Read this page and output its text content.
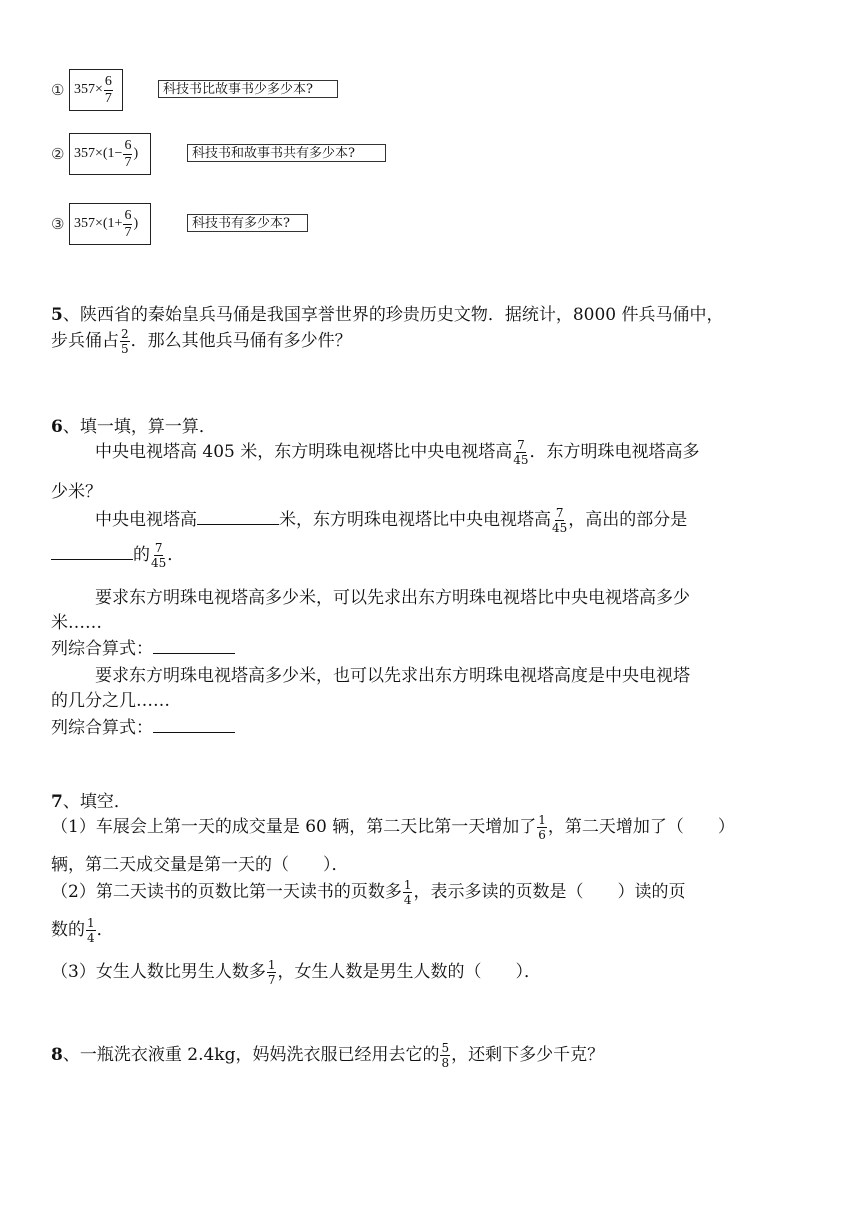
① $357\times \frac{6}{7}$	科技书比故事书少多少本?
② $357\times(1- \frac{6}{7}$ )	科技书和故事书共有多少本?
③ $357\times(1+ \frac{6}{7}$ )	科技书有多少本?
5、陕西省的秦始皇兵马俑是我国享誉世界的珍贵历史文物．据统计，8000 件兵马俑中，
步兵俑占 $\frac{2}{5}$ ．那么其他兵马俑有多少件？
6、填一填，算一算．
中央电视塔高 405 米，东方明珠电视塔比中央电视塔高 $\frac{7}{45}$ ．东方明珠电视塔高多
少米？
中央电视塔高	米，东方明珠电视塔比中央电视塔高 $\frac{7}{45}$ ，高出的部分是
的 $\frac{7}{45}$ ．
要求东方明珠电视塔高多少米，可以先求出东方明珠电视塔比中央电视塔高多少
米……
列综合算式：
要求东方明珠电视塔高多少米，也可以先求出东方明珠电视塔高度是中央电视塔
的几分之几……
列综合算式：
7、填空．
（1）车展会上第一天的成交量是 60 辆，第二天比第一天增加了 $\frac{1}{6}$ ，第二天增加了（　　）
辆，第二天成交量是第一天的（　　）．
（2）第二天读书的页数比第一天读书的页数多 $\frac{1}{4}$ ，表示多读的页数是（　　）读的页
数的 $\frac{1}{4}$ ．
（3）女生人数比男生人数多 $\frac{1}{7}$ ，女生人数是男生人数的（　　）．
8、一瓶洗衣液重 2.4kg，妈妈洗衣服已经用去它的 $\frac{5}{8}$ ，还剩下多少千克？
